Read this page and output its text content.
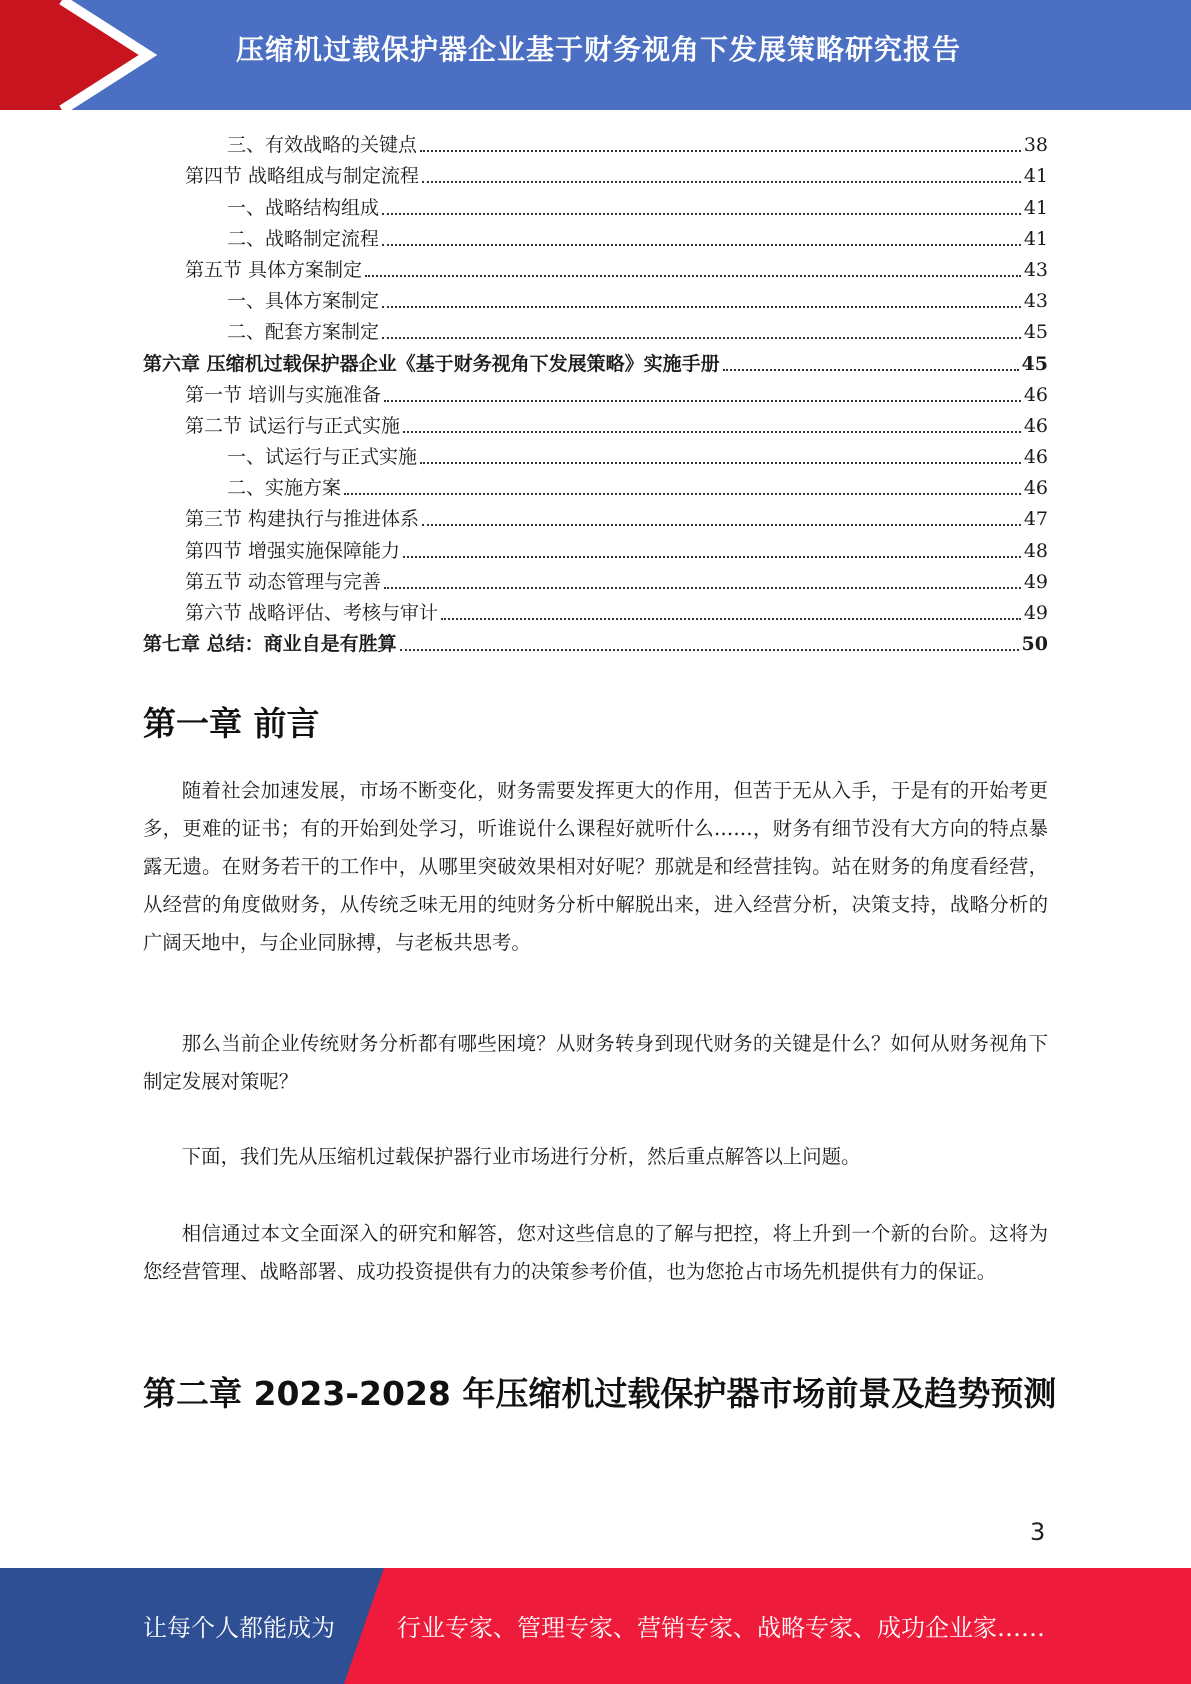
压缩机过载保护器企业基于财务视角下发展策略研究报告
三、有效战略的关键点	38
第四节 战略组成与制定流程	41
一、战略结构组成	41
二、战略制定流程	41
第五节 具体方案制定	43
一、具体方案制定	43
二、配套方案制定	45
第六章 压缩机过载保护器企业《基于财务视角下发展策略》实施手册	45
第一节 培训与实施准备	46
第二节 试运行与正式实施	46
一、试运行与正式实施	46
二、实施方案	46
第三节 构建执行与推进体系	47
第四节 增强实施保障能力	48
第五节 动态管理与完善	49
第六节 战略评估、考核与审计	49
第七章 总结：商业自是有胜算	50
第一章 前言

随着社会加速发展，市场不断变化，财务需要发挥更大的作用，但苦于无从入手，于是有的开始考更多，更难的证书；有的开始到处学习，听谁说什么课程好就听什么……，财务有细节没有大方向的特点暴露无遗。在财务若干的工作中，从哪里突破效果相对好呢？那就是和经营挂钩。站在财务的角度看经营，从经营的角度做财务，从传统乏味无用的纯财务分析中解脱出来，进入经营分析，决策支持，战略分析的广阔天地中，与企业同脉搏，与老板共思考。

那么当前企业传统财务分析都有哪些困境？从财务转身到现代财务的关键是什么？如何从财务视角下制定发展对策呢？

下面，我们先从压缩机过载保护器行业市场进行分析，然后重点解答以上问题。

相信通过本文全面深入的研究和解答，您对这些信息的了解与把控，将上升到一个新的台阶。这将为您经营管理、战略部署、成功投资提供有力的决策参考价值，也为您抢占市场先机提供有力的保证。

第二章 2023-2028 年压缩机过载保护器市场前景及趋势预测
3
让每个人都能成为	行业专家、管理专家、营销专家、战略专家、成功企业家……
